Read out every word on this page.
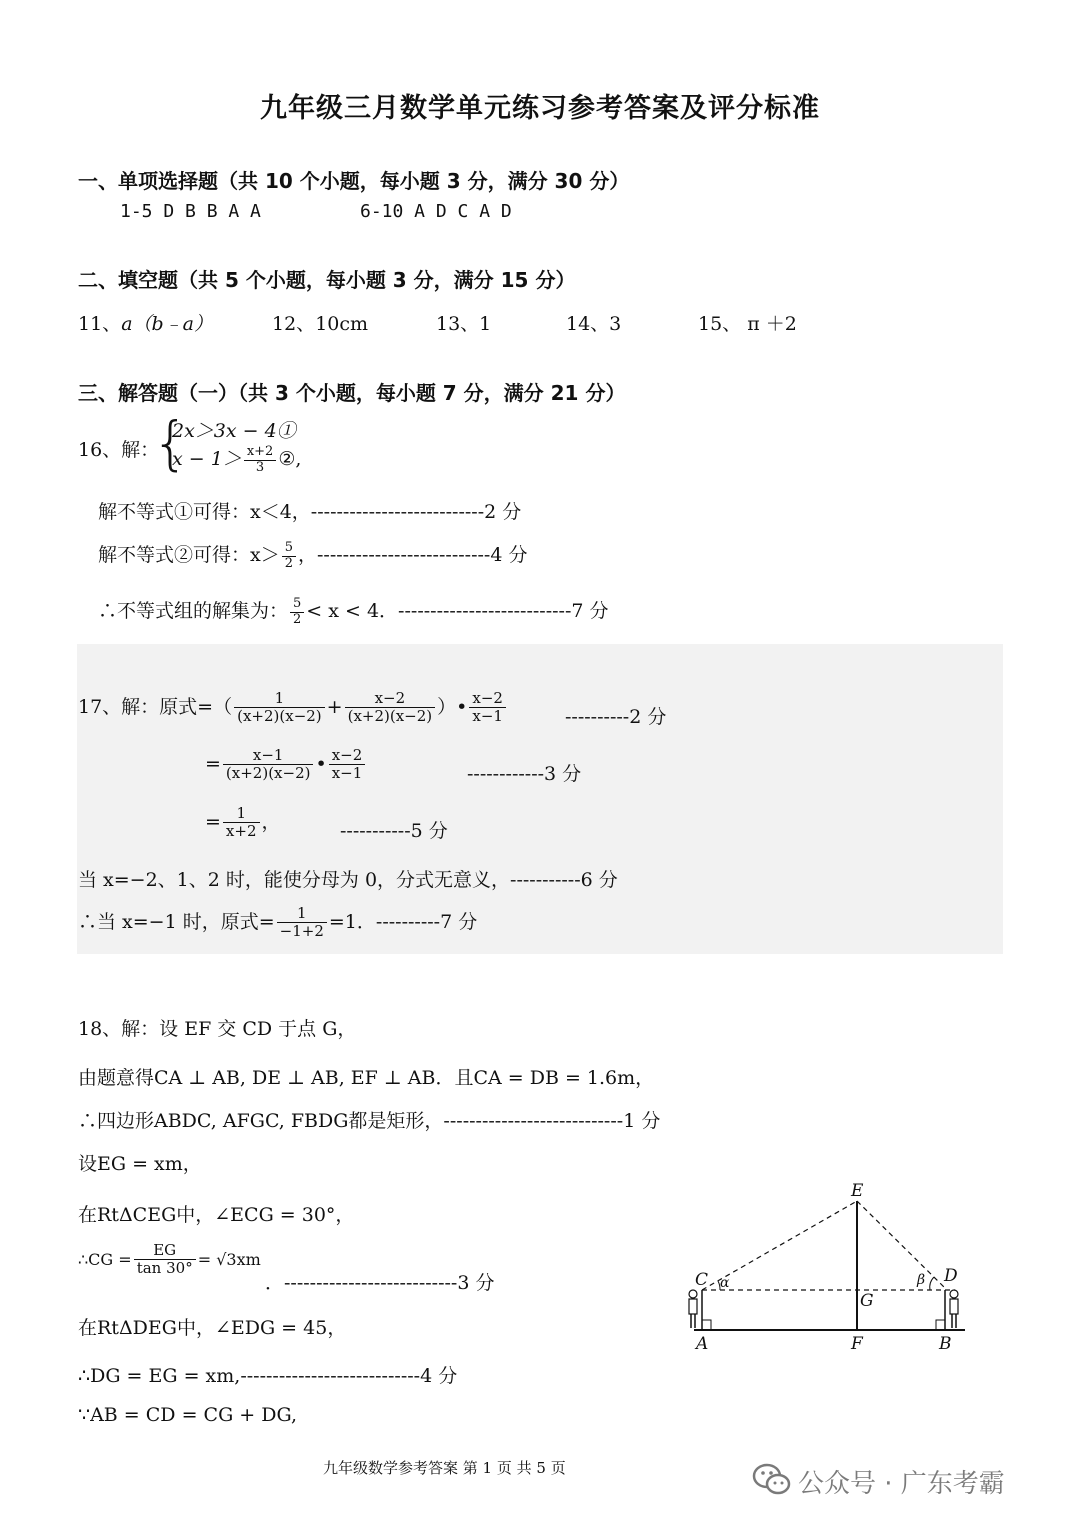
九年级三月数学单元练习参考答案及评分标准
一、单项选择题（共 10 个小题，每小题 3 分，满分 30 分）
1-5 D B B A A	6-10 A D C A D
二、填空题（共 5 个小题，每小题 3 分，满分 15 分）
11、a（b﹣a）	12、10cm	13、1	14、3	15、 π ＋2
三、解答题（一）（共 3 个小题，每小题 7 分，满分 21 分）
16、解：
{
2x＞3x − 4①
$x - 1> \frac{x+2}{3}$ ②,
解不等式①可得：x＜4，---------------------------2 分
解不等式②可得：$x> \frac{5}{2}$ ，---------------------------4 分
∴不等式组的解集为： $\frac{5}{2} < x < 4$．---------------------------7 分
17、解：原式=（ $\frac{1}{(x+2)(x-2)} + \frac{x-2}{(x+2)(x-2)}$ ）• $\frac{x-2}{x-1}$	----------2 分
= $\frac{x-1}{(x+2)(x-2)}$ • $\frac{x-2}{x-1}$	------------3 分
= $\frac{1}{x+2}$ ，	-----------5 分
当 x=−2、1、2 时，能使分母为 0，分式无意义，-----------6 分
∴当 x=−1 时，原式= $\frac{1}{-1+2} =1$．----------7 分
18、解：设 EF 交 CD 于点 G，
由题意得CA ⊥ AB, DE ⊥ AB, EF ⊥ AB．且CA = DB = 1.6m，
∴四边形ABDC, AFGC, FBDG都是矩形，----------------------------1 分
设EG = xm，
在RtΔCEG中，∠ECG = 30°，
∴CG = $\frac{EG}{\tan 30^\circ} = √3xm$
．---------------------------3 分
在RtΔDEG中，∠EDG = 45，
∴DG = EG = xm,----------------------------4 分
∵AB = CD = CG + DG,
E
C α	β D
G
A	F	B
九年级数学参考答案 第 1 页 共 5 页
公众号 · 广东考霸
